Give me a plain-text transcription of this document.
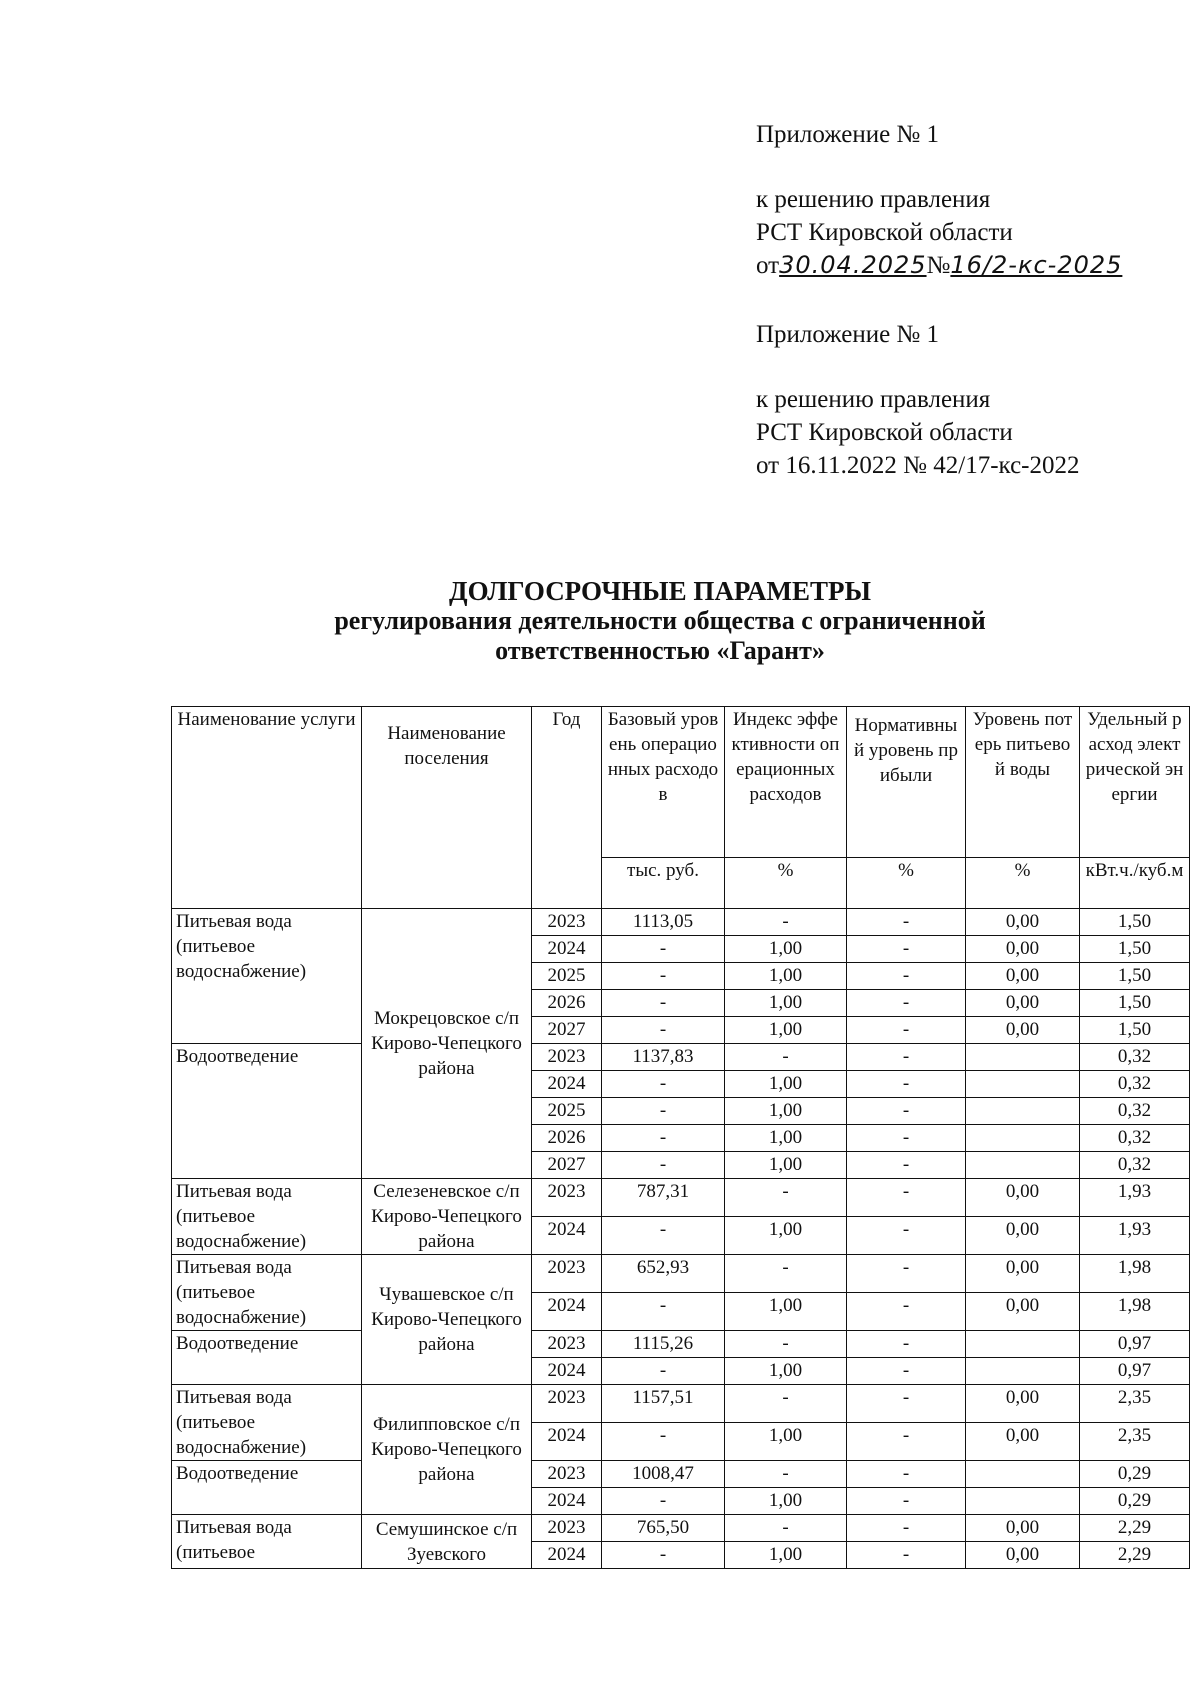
Приложение № 1
к решению правления
РСТ Кировской области
от30.04.2025№16/2-кс-2025
Приложение № 1
к решению правления
РСТ Кировской области
от 16.11.2022 № 42/17-кс-2022
ДОЛГОСРОЧНЫЕ ПАРАМЕТРЫ
регулирования деятельности общества с ограниченной
ответственностью «Гарант»
Наименование услуги	Наименование поселения	Год	Базовый уровень операционных расходов	Индекс эффективности операционных расходов	Нормативный уровень прибыли	Уровень потерь питьевой воды	Удельный расход электрической энергии
			тыс. руб.	%	%	%	кВт.ч./куб.м
Питьевая вода (питьевое водоснабжение)	Мокрецовское с/п Кирово-Чепецкого района	2023	1113,05	-	-	0,00	1,50
		2024	-	1,00	-	0,00	1,50
		2025	-	1,00	-	0,00	1,50
		2026	-	1,00	-	0,00	1,50
		2027	-	1,00	-	0,00	1,50
Водоотведение		2023	1137,83	-	-		0,32
		2024	-	1,00	-		0,32
		2025	-	1,00	-		0,32
		2026	-	1,00	-		0,32
		2027	-	1,00	-		0,32
Питьевая вода (питьевое водоснабжение)	Селезеневское с/п Кирово-Чепецкого района	2023	787,31	-	-	0,00	1,93
		2024	-	1,00	-	0,00	1,93
Питьевая вода (питьевое водоснабжение)	Чувашевское с/п Кирово-Чепецкого района	2023	652,93	-	-	0,00	1,98
		2024	-	1,00	-	0,00	1,98
Водоотведение		2023	1115,26	-	-		0,97
		2024	-	1,00	-		0,97
Питьевая вода (питьевое водоснабжение)	Филипповское с/п Кирово-Чепецкого района	2023	1157,51	-	-	0,00	2,35
		2024	-	1,00	-	0,00	2,35
Водоотведение		2023	1008,47	-	-		0,29
		2024	-	1,00	-		0,29
Питьевая вода (питьевое	Семушинское с/п Зуевского	2023	765,50	-	-	0,00	2,29
		2024	-	1,00	-	0,00	2,29
